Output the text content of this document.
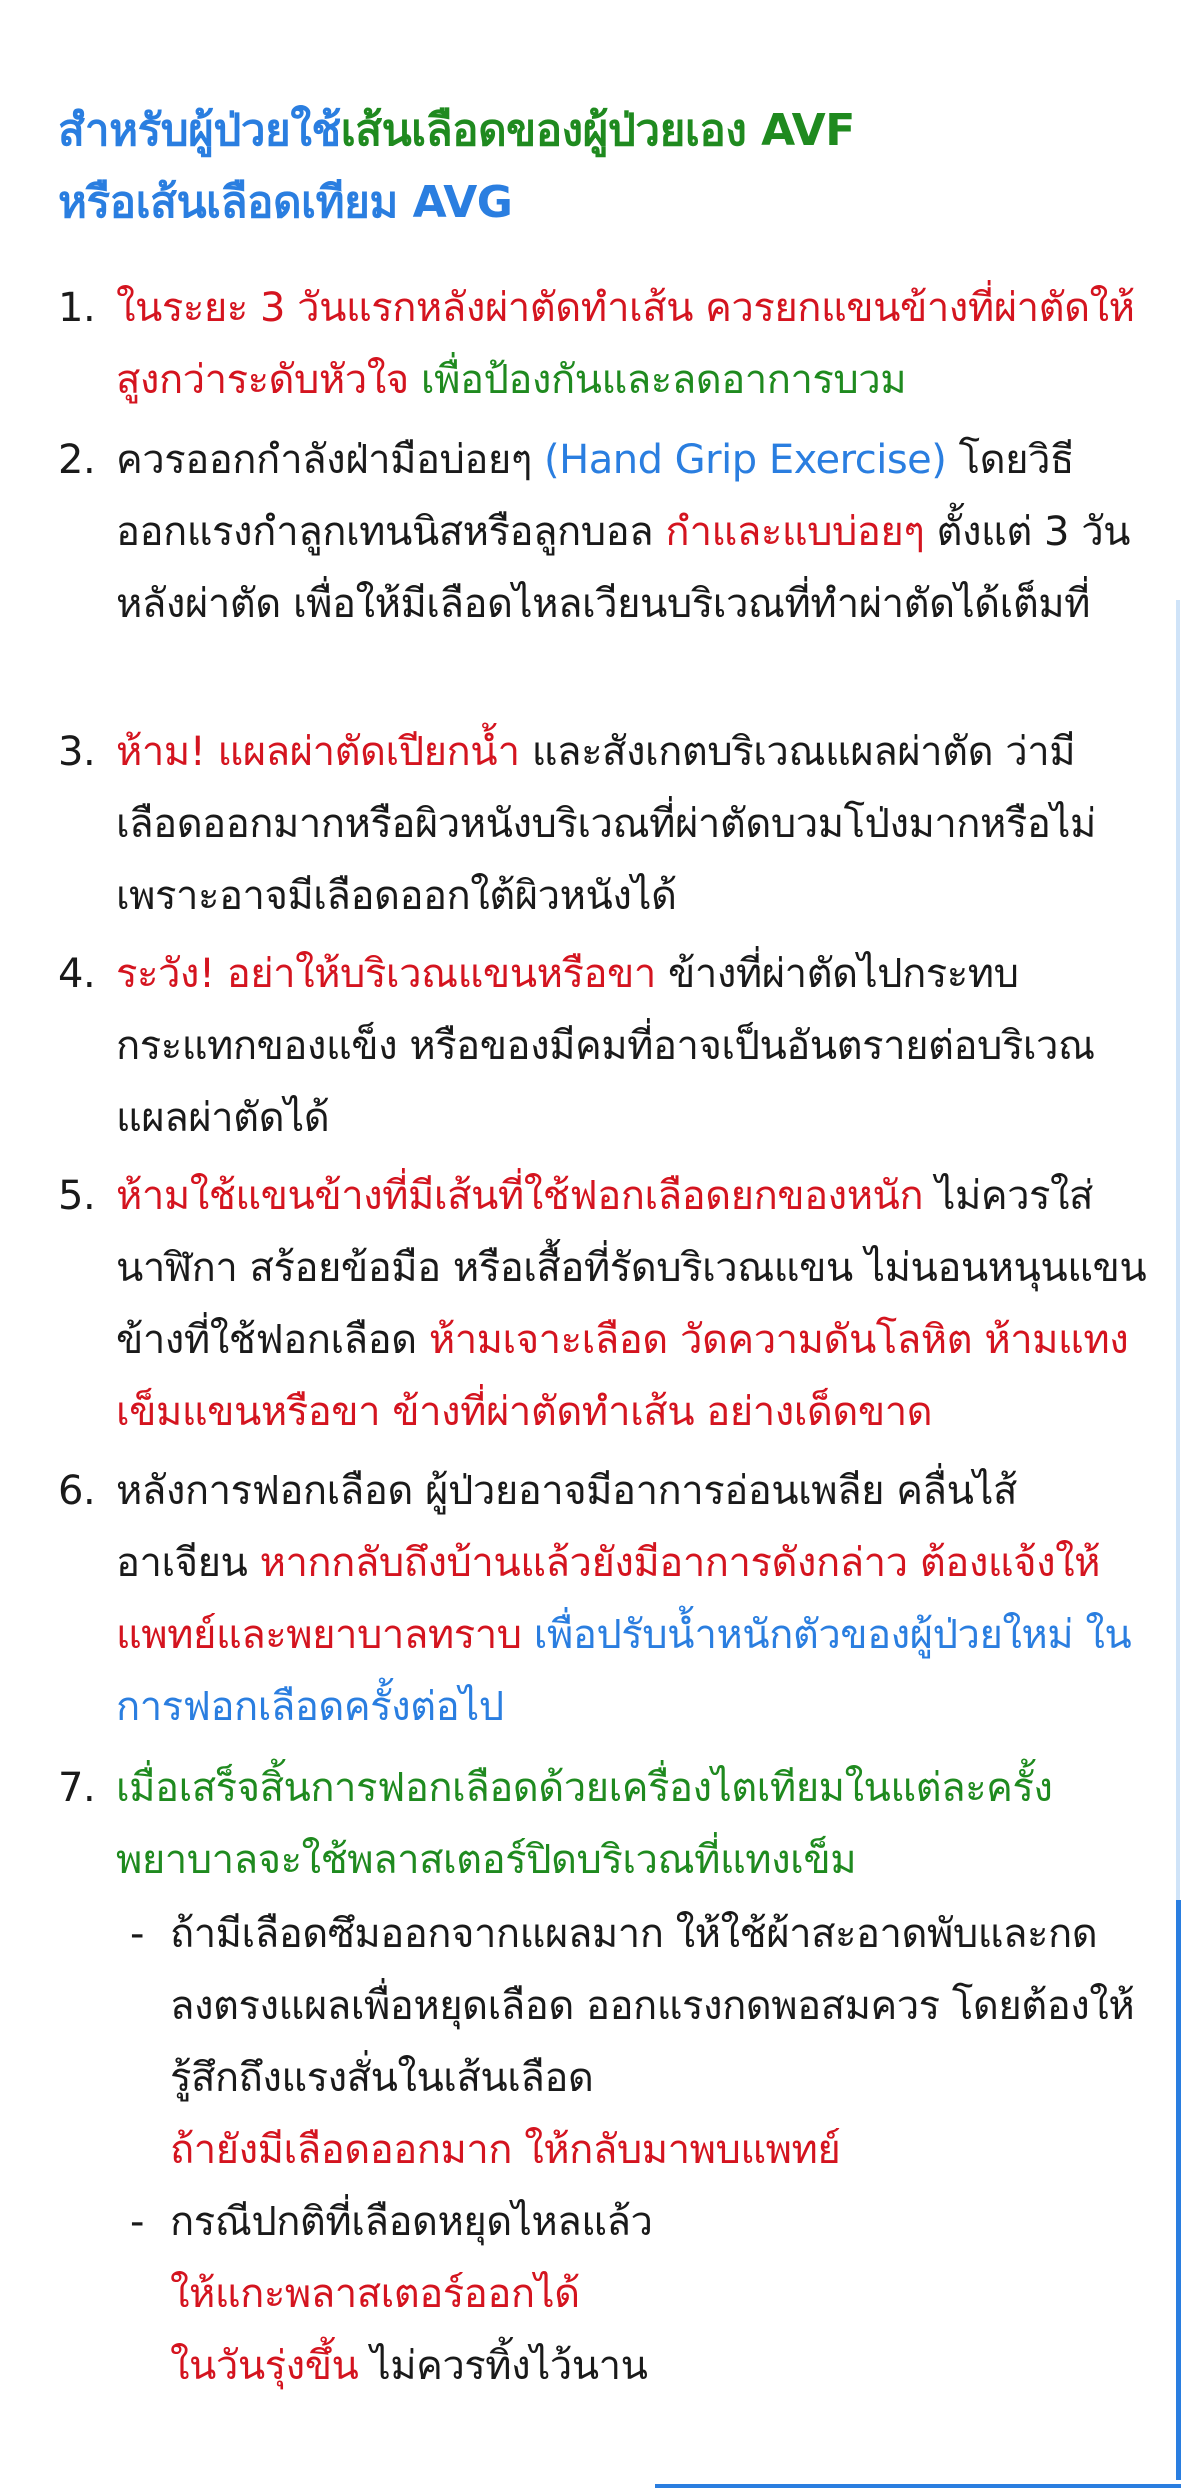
สำหรับผู้ป่วยใช้เส้นเลือดของผู้ป่วยเอง AVF
หรือเส้นเลือดเทียม AVG
1. ในระยะ 3 วันแรกหลังผ่าตัดทำเส้น ควรยกแขนข้างที่ผ่าตัดให้สูงกว่าระดับหัวใจ เพื่อป้องกันและลดอาการบวม
2. ควรออกกำลังฝ่ามือบ่อยๆ (Hand Grip Exercise) โดยวิธีออกแรงกำลูกเทนนิสหรือลูกบอล กำและแบบ่อยๆ ตั้งแต่ 3 วันหลังผ่าตัด เพื่อให้มีเลือดไหลเวียนบริเวณที่ทำผ่าตัดได้เต็มที่
3. ห้าม! แผลผ่าตัดเปียกน้ำ และสังเกตบริเวณแผลผ่าตัด ว่ามีเลือดออกมากหรือผิวหนังบริเวณที่ผ่าตัดบวมโป่งมากหรือไม่ เพราะอาจมีเลือดออกใต้ผิวหนังได้
4. ระวัง! อย่าให้บริเวณแขนหรือขา ข้างที่ผ่าตัดไปกระทบกระแทกของแข็ง หรือของมีคมที่อาจเป็นอันตรายต่อบริเวณแผลผ่าตัดได้
5. ห้ามใช้แขนข้างที่มีเส้นที่ใช้ฟอกเลือดยกของหนัก ไม่ควรใส่นาฬิกา สร้อยข้อมือ หรือเสื้อที่รัดบริเวณแขน ไม่นอนหนุนแขนข้างที่ใช้ฟอกเลือด ห้ามเจาะเลือด วัดความดันโลหิต ห้ามแทงเข็มแขนหรือขา ข้างที่ผ่าตัดทำเส้น อย่างเด็ดขาด
6. หลังการฟอกเลือด ผู้ป่วยอาจมีอาการอ่อนเพลีย คลื่นไส้อาเจียน หากกลับถึงบ้านแล้วยังมีอาการดังกล่าว ต้องแจ้งให้แพทย์และพยาบาลทราบ เพื่อปรับน้ำหนักตัวของผู้ป่วยใหม่ ในการฟอกเลือดครั้งต่อไป
7. เมื่อเสร็จสิ้นการฟอกเลือดด้วยเครื่องไตเทียมในแต่ละครั้ง พยาบาลจะใช้พลาสเตอร์ปิดบริเวณที่แทงเข็ม
- ถ้ามีเลือดซึมออกจากแผลมาก ให้ใช้ผ้าสะอาดพับและกดลงตรงแผลเพื่อหยุดเลือด ออกแรงกดพอสมควร โดยต้องให้รู้สึกถึงแรงสั่นในเส้นเลือด
ถ้ายังมีเลือดออกมาก ให้กลับมาพบแพทย์
- กรณีปกติที่เลือดหยุดไหลแล้ว
ให้แกะพลาสเตอร์ออกได้
ในวันรุ่งขึ้น ไม่ควรทิ้งไว้นาน
